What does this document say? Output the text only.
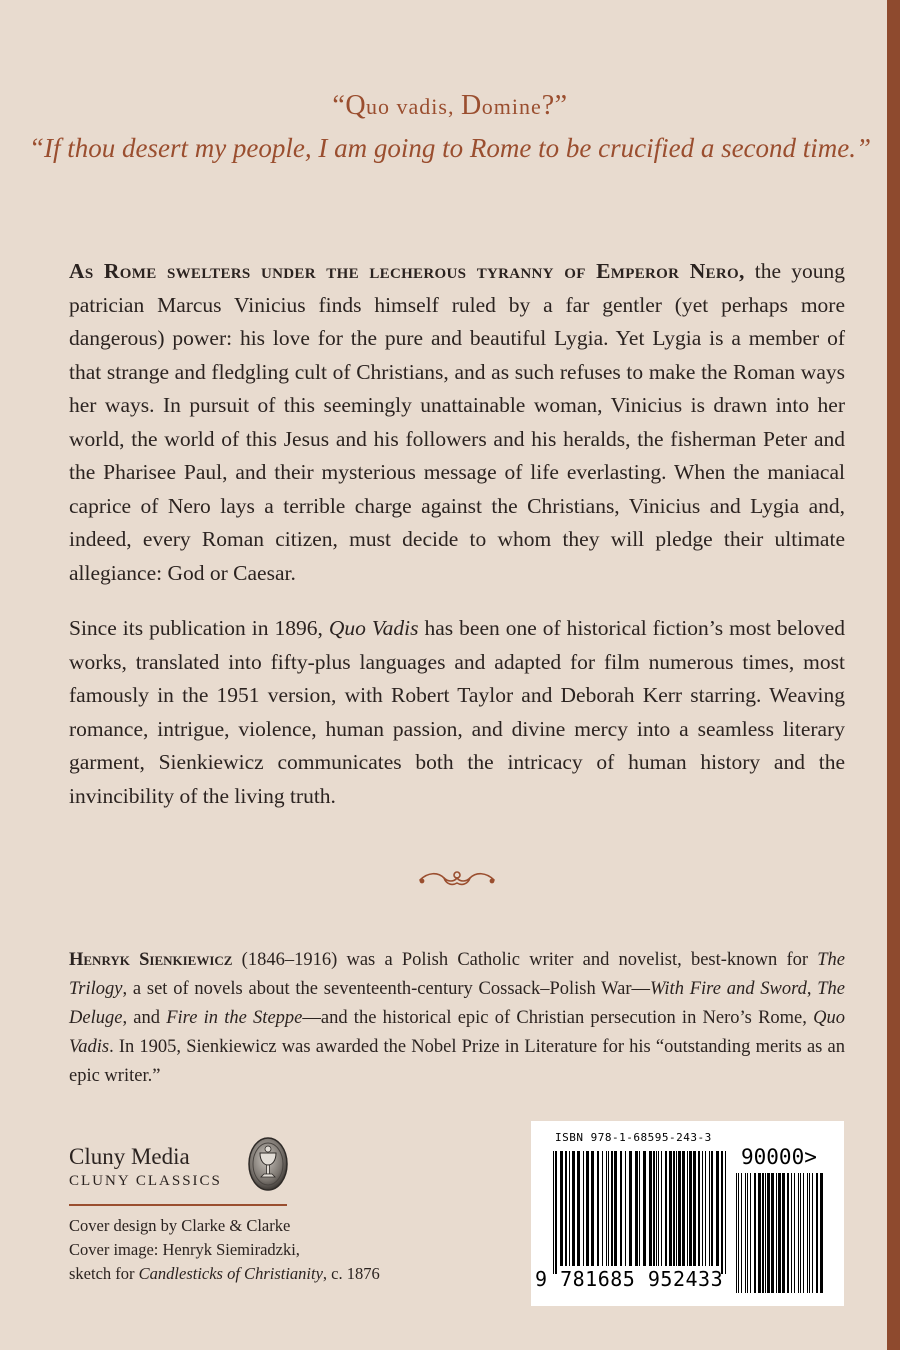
“Quo vadis, Domine?”
“If thou desert my people, I am going to Rome to be crucified a second time.”

As Rome swelters under the lecherous tyranny of Emperor Nero, the young patrician Marcus Vinicius finds himself ruled by a far gentler (yet perhaps more dangerous) power: his love for the pure and beautiful Lygia. Yet Lygia is a member of that strange and fledgling cult of Christians, and as such refuses to make the Roman ways her ways. In pursuit of this seemingly unattainable woman, Vinicius is drawn into her world, the world of this Jesus and his followers and his heralds, the fisherman Peter and the Pharisee Paul, and their mysterious message of life everlasting. When the maniacal caprice of Nero lays a terrible charge against the Christians, Vinicius and Lygia and, indeed, every Roman citizen, must decide to whom they will pledge their ultimate allegiance: God or Caesar.

Since its publication in 1896, Quo Vadis has been one of historical fiction’s most beloved works, translated into fifty-plus languages and adapted for film numerous times, most famously in the 1951 version, with Robert Taylor and Deborah Kerr starring. Weaving romance, intrigue, violence, human passion, and divine mercy into a seamless literary garment, Sienkiewicz communicates both the intricacy of human history and the invincibility of the living truth.

Henryk Sienkiewicz (1846–1916) was a Polish Catholic writer and novelist, best-known for The Trilogy, a set of novels about the seventeenth-century Cossack–Polish War—With Fire and Sword, The Deluge, and Fire in the Steppe—and the historical epic of Christian persecution in Nero’s Rome, Quo Vadis. In 1905, Sienkiewicz was awarded the Nobel Prize in Literature for his “outstanding merits as an epic writer.”

Cluny Media
CLUNY CLASSICS
Cover design by Clarke & Clarke
Cover image: Henryk Siemiradzki,
sketch for Candlesticks of Christianity, c. 1876
ISBN 978-1-68595-243-3
90000>
9 781685 952433
